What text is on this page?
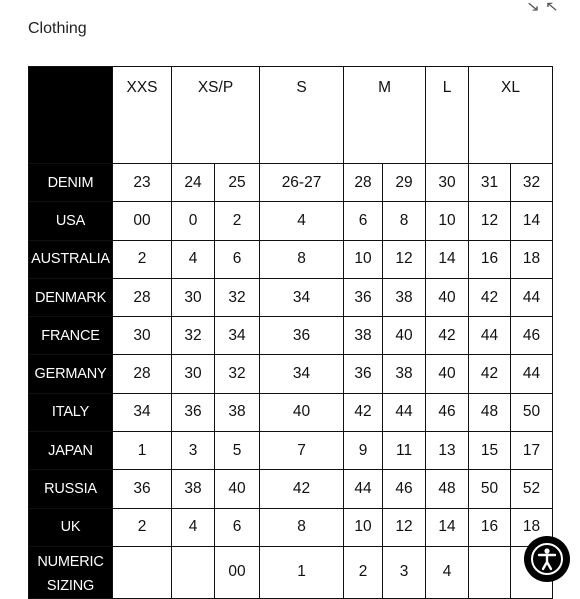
Clothing
↘ ↖
	XXS	XS/P		S	M		L	XL	
DENIM	23	24	25	26-27	28	29	30	31	32
USA	00	0	2	4	6	8	10	12	14
AUSTRALIA	2	4	6	8	10	12	14	16	18
DENMARK	28	30	32	34	36	38	40	42	44
FRANCE	30	32	34	36	38	40	42	44	46
GERMANY	28	30	32	34	36	38	40	42	44
ITALY	34	36	38	40	42	44	46	48	50
JAPAN	1	3	5	7	9	11	13	15	17
RUSSIA	36	38	40	42	44	46	48	50	52
UK	2	4	6	8	10	12	14	16	18
NUMERIC SIZING			00	1	2	3	4		
